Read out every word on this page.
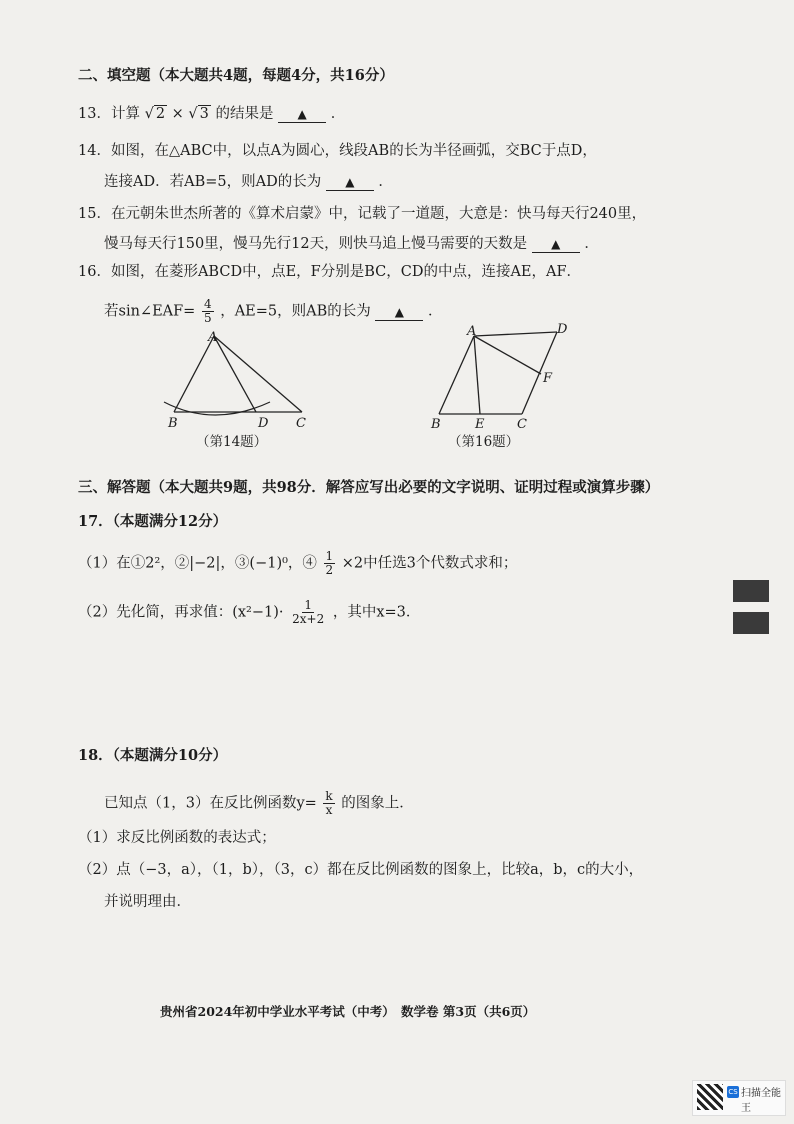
二、填空题（本大题共4题，每题4分，共16分）
13．计算 √ 2 × √ 3 的结果是 ▲ ．
14．如图，在△ABC中，以点A为圆心，线段AB的长为半径画弧，交BC于点D，
连接AD．若AB=5，则AD的长为 ▲ ．
15．在元朝朱世杰所著的《算术启蒙》中，记载了一道题，大意是：快马每天行240里，
慢马每天行150里，慢马先行12天，则快马追上慢马需要的天数是 ▲ ．
16．如图，在菱形ABCD中，点E，F分别是BC，CD的中点，连接AE，AF．
若sin∠EAF= $\frac{4}{5}$ ，AE=5，则AB的长为 ▲ ．
A
B	D C
（第14题）
A	D
F
B	E	C
（第16题）
三、解答题（本大题共9题，共98分．解答应写出必要的文字说明、证明过程或演算步骤）
17．（本题满分12分）
（1）在①2²，②|−2|，③(−1)⁰，④ $\frac{1}{2} \times 2$中任选3个代数式求和；
（2）先化简，再求值：$(x^2-1)\cdot \frac{1}{2x+2}$ ，其中x=3．
18．（本题满分10分）
已知点（1，3）在反比例函数$y= \frac{k}{x}$ 的图象上．
（1）求反比例函数的表达式；
（2）点（−3，a），（1，b），（3，c）都在反比例函数的图象上，比较a，b，c的大小，
并说明理由．
贵州省2024年初中学业水平考试（中考）　数学卷 第3页（共6页）
CS 扫描全能王
